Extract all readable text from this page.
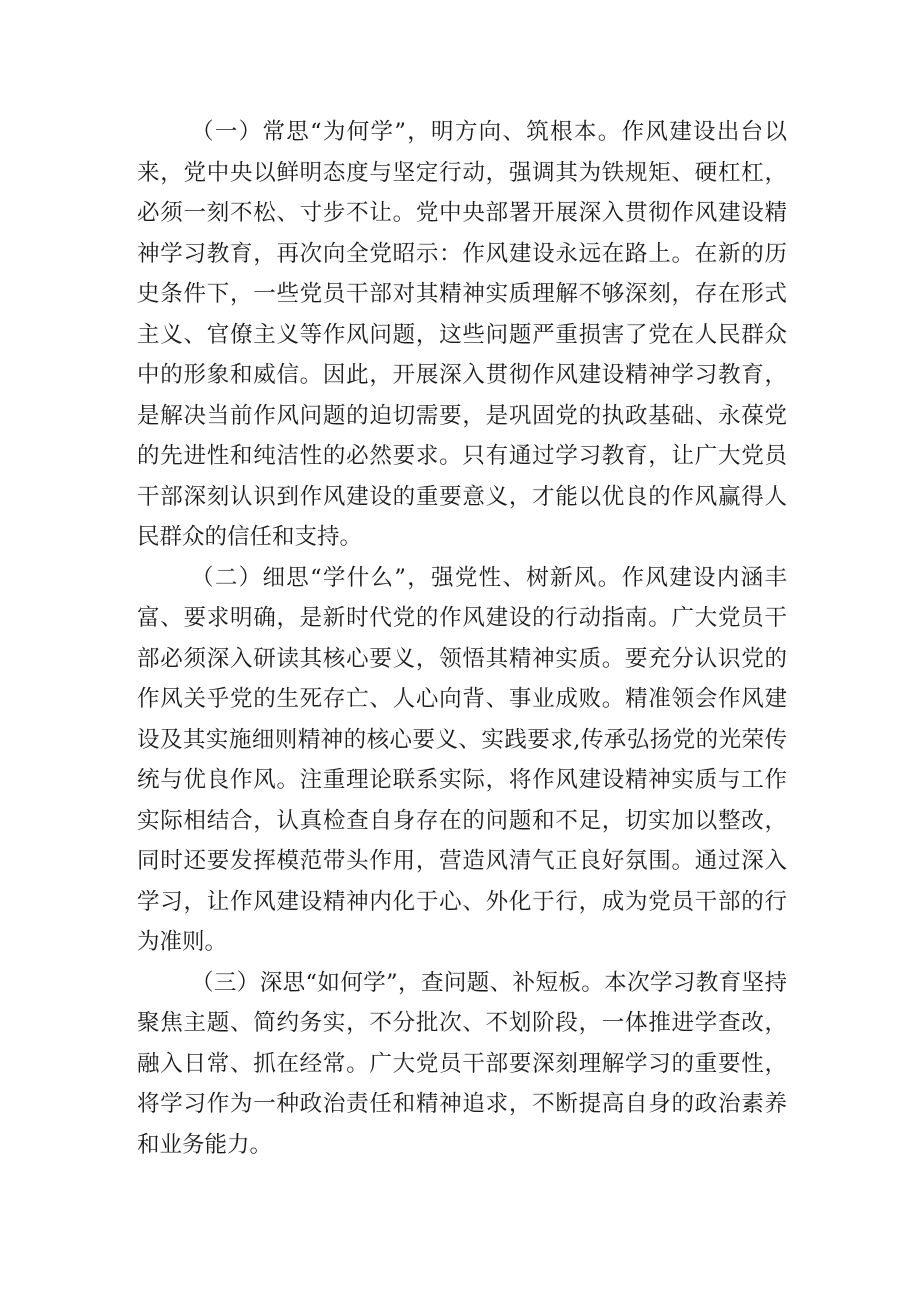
（一）常思“为何学”，明方向、筑根本。作风建设出台以来，党中央以鲜明态度与坚定行动，强调其为铁规矩、硬杠杠，必须一刻不松、寸步不让。党中央部署开展深入贯彻作风建设精神学习教育，再次向全党昭示：作风建设永远在路上。在新的历史条件下，一些党员干部对其精神实质理解不够深刻，存在形式主义、官僚主义等作风问题，这些问题严重损害了党在人民群众中的形象和威信。因此，开展深入贯彻作风建设精神学习教育，是解决当前作风问题的迫切需要，是巩固党的执政基础、永葆党的先进性和纯洁性的必然要求。只有通过学习教育，让广大党员干部深刻认识到作风建设的重要意义，才能以优良的作风赢得人民群众的信任和支持。

（二）细思“学什么”，强党性、树新风。作风建设内涵丰富、要求明确，是新时代党的作风建设的行动指南。广大党员干部必须深入研读其核心要义，领悟其精神实质。要充分认识党的作风关乎党的生死存亡、人心向背、事业成败。精准领会作风建设及其实施细则精神的核心要义、实践要求,传承弘扬党的光荣传统与优良作风。注重理论联系实际，将作风建设精神实质与工作实际相结合，认真检查自身存在的问题和不足，切实加以整改，同时还要发挥模范带头作用，营造风清气正良好氛围。通过深入学习，让作风建设精神内化于心、外化于行，成为党员干部的行为准则。

（三）深思“如何学”，查问题、补短板。本次学习教育坚持聚焦主题、简约务实，不分批次、不划阶段，一体推进学查改，融入日常、抓在经常。广大党员干部要深刻理解学习的重要性，将学习作为一种政治责任和精神追求，不断提高自身的政治素养和业务能力。
